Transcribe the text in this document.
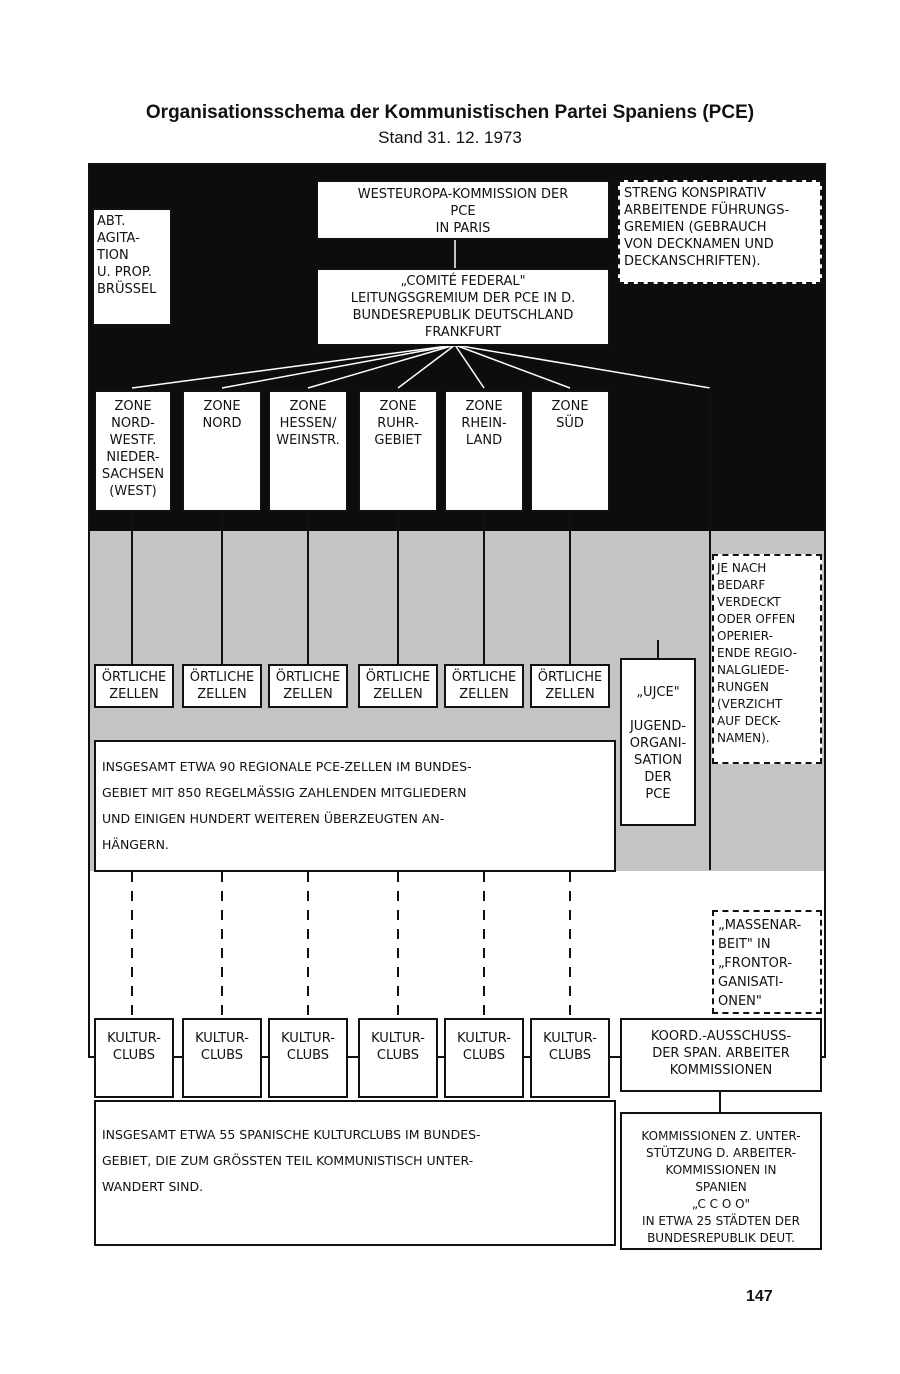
Organisationsschema der Kommunistischen Partei Spaniens (PCE)
Stand 31. 12. 1973
ABT.
AGITA-
TION
U. PROP.
BRÜSSEL
WESTEUROPA-KOMMISSION DER
PCE
IN PARIS
„COMITÉ FEDERAL"
LEITUNGSGREMIUM DER PCE IN D.
BUNDESREPUBLIK DEUTSCHLAND
FRANKFURT
STRENG KONSPIRATIV
ARBEITENDE FÜHRUNGS-
GREMIEN (GEBRAUCH
VON DECKNAMEN UND
DECKANSCHRIFTEN).
ZONE
NORD-
WESTF.
NIEDER-
SACHSEN
(WEST)
ZONE
NORD
ZONE
HESSEN/
WEINSTR.
ZONE
RUHR-
GEBIET
ZONE
RHEIN-
LAND
ZONE
SÜD
ÖRTLICHE
ZELLEN
ÖRTLICHE
ZELLEN
ÖRTLICHE
ZELLEN
ÖRTLICHE
ZELLEN
ÖRTLICHE
ZELLEN
ÖRTLICHE
ZELLEN	„UJCE"

JUGEND-
ORGANI-
SATION
DER
PCE
JE NACH
BEDARF
VERDECKT
ODER OFFEN
OPERIER-
ENDE REGIO-
NALGLIEDE-
RUNGEN
(VERZICHT
AUF DECK-
NAMEN).
INSGESAMT ETWA 90 REGIONALE PCE-ZELLEN IM BUNDES-
GEBIET MIT 850 REGELMÄSSIG ZAHLENDEN MITGLIEDERN
UND EINIGEN HUNDERT WEITEREN ÜBERZEUGTEN AN-
HÄNGERN.
„MASSENAR-
BEIT" IN
„FRONTOR-
GANISATI-
ONEN"
KULTUR-
CLUBS
KULTUR-
CLUBS
KULTUR-
CLUBS
KULTUR-
CLUBS
KULTUR-
CLUBS
KULTUR-
CLUBS
KOORD.-AUSSCHUSS-
DER SPAN. ARBEITER
KOMMISSIONEN
INSGESAMT ETWA 55 SPANISCHE KULTURCLUBS IM BUNDES-
GEBIET, DIE ZUM GRÖSSTEN TEIL KOMMUNISTISCH UNTER-
WANDERT SIND.
KOMMISSIONEN Z. UNTER-
STÜTZUNG D. ARBEITER-
KOMMISSIONEN IN
SPANIEN
„C C O O"
IN ETWA 25 STÄDTEN DER
BUNDESREPUBLIK DEUT.
147
